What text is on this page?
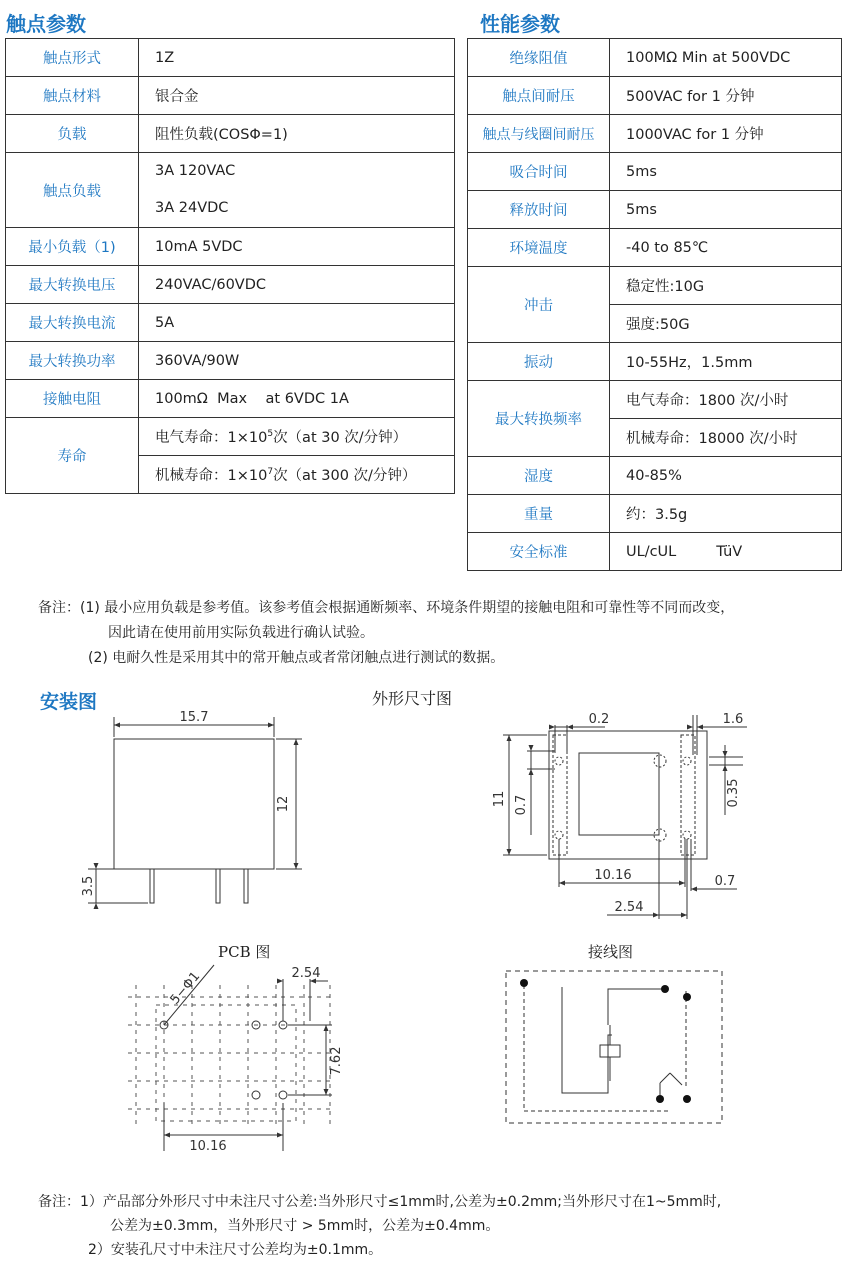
触点参数	性能参数
触点形式	1Z
触点材料	银合金
负载	阻性负载(COSΦ=1)
触点负载	3A 120VAC
3A 24VDC

最小负载（1)	10mA 5VDC
最大转换电压	240VAC/60VDC
最大转换电流	5A
最大转换功率	360VA/90W
接触电阻	100mΩ  Max    at 6VDC 1A
寿命	电气寿命：$1\times 10^5$次（at 30 次/分钟）
	机械寿命：$1\times 10^7$次（at 300 次/分钟）
绝缘阻值	100MΩ Min at 500VDC
触点间耐压	500VAC for 1 分钟
触点与线圈间耐压	1000VAC for 1 分钟
吸合时间	5ms
释放时间	5ms
环境温度	-40 to 85℃
冲击	稳定性:10G
	强度:50G
振动	10-55Hz，1.5mm
最大转换频率	电气寿命：1800 次/小时
	机械寿命：18000 次/小时
湿度	40-85%
重量	约：3.5g
安全标准	UL/cUL TüV
备注：(1) 最小应用负载是参考值。该参考值会根据通断频率、环境条件期望的接触电阻和可靠性等不同而改变，
因此请在使用前用实际负载进行确认试验。
(2) 电耐久性是采用其中的常开触点或者常闭触点进行测试的数据。
安装图	外形尺寸图
PCB 图	接线图
15.7
12
3.5
0.2	1.6
11 0.7	0.35
10.16	0.7
2.54
5−Φ1	2.54
7.62
10.16
备注：1）产品部分外形尺寸中未注尺寸公差:当外形尺寸≤1mm时,公差为±0.2mm;当外形尺寸在1~5mm时,
公差为±0.3mm，当外形尺寸 > 5mm时，公差为±0.4mm。
2）安装孔尺寸中未注尺寸公差均为±0.1mm。
